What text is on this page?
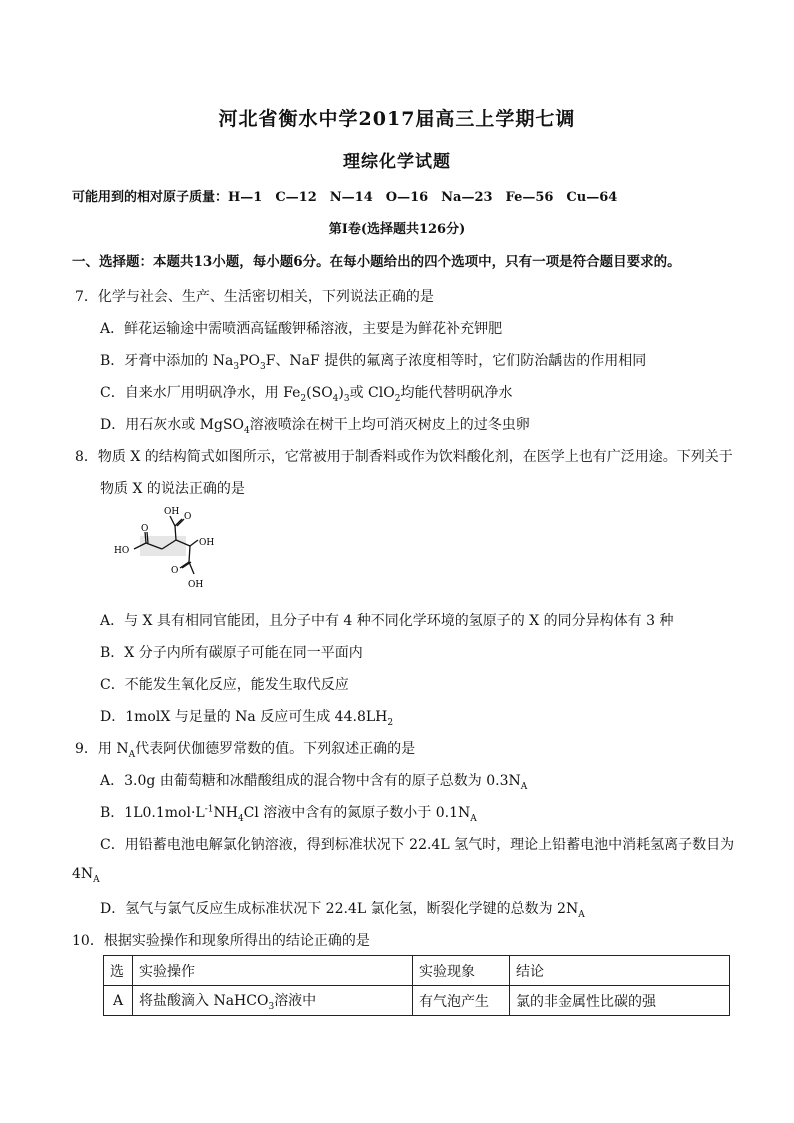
河北省衡水中学2017届高三上学期七调
理综化学试题
可能用到的相对原子质量：H—1　C—12　N—14　O—16　Na—23　Fe—56　Cu—64
第Ⅰ卷(选择题共126分)
一、选择题：本题共13小题，每小题6分。在每小题给出的四个选项中，只有一项是符合题目要求的。
7．化学与社会、生产、生活密切相关，下列说法正确的是
A．鲜花运输途中需喷洒高锰酸钾稀溶液，主要是为鲜花补充钾肥
B．牙膏中添加的 $Na_3PO_3F$、NaF 提供的氟离子浓度相等时，它们防治龋齿的作用相同
C．自来水厂用明矾净水，用 $Fe_2(SO_4)_3$或 ClO$_2$均能代替明矾净水
D．用石灰水或 MgSO$_4$溶液喷涂在树干上均可消灭树皮上的过冬虫卵
8．物质 X 的结构简式如图所示，它常被用于制香料或作为饮料酸化剂，在医学上也有广泛用途。下列关于
物质 X 的说法正确的是
HO
O
OH O
OH
O
OH
A．与 X 具有相同官能团，且分子中有 4 种不同化学环境的氢原子的 X 的同分异构体有 3 种
B．X 分子内所有碳原子可能在同一平面内
C．不能发生氧化反应，能发生取代反应
D．1molX 与足量的 Na 反应可生成 $44.8LH_2$
9．用 $N_A$代表阿伏伽德罗常数的值。下列叙述正确的是
A．3.0g 由葡萄糖和冰醋酸组成的混合物中含有的原子总数为 $0.3N_A$
B．$1L0.1mol\cdot L^{-1}NH_4Cl$ 溶液中含有的氮原子数小于 $0.1N_A$
C．用铅蓄电池电解氯化钠溶液，得到标准状况下 22.4L 氢气时，理论上铅蓄电池中消耗氢离子数目为
$4N_A$
D．氢气与氯气反应生成标准状况下 22.4L 氯化氢，断裂化学键的总数为 $2N_A$
10．根据实验操作和现象所得出的结论正确的是
选	实验操作	实验现象	结论
A	将盐酸滴入 NaHCO$_3$溶液中	有气泡产生	氯的非金属性比碳的强
